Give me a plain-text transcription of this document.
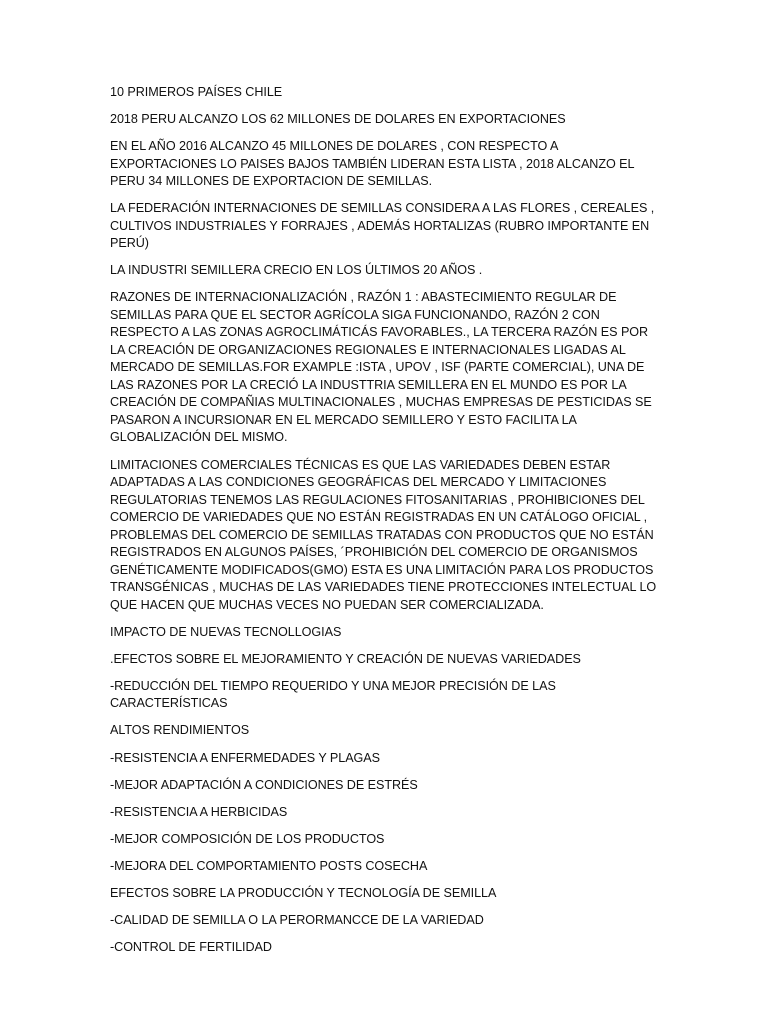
10 PRIMEROS PAÍSES CHILE

2018 PERU ALCANZO LOS 62 MILLONES DE DOLARES EN EXPORTACIONES

EN EL AÑO 2016 ALCANZO 45 MILLONES DE DOLARES , CON RESPECTO A EXPORTACIONES LO PAISES BAJOS TAMBIÉN LIDERAN ESTA LISTA , 2018 ALCANZO EL PERU 34 MILLONES DE EXPORTACION DE SEMILLAS.

LA FEDERACIÓN INTERNACIONES DE SEMILLAS CONSIDERA A LAS FLORES , CEREALES , CULTIVOS INDUSTRIALES Y FORRAJES , ADEMÁS HORTALIZAS (RUBRO IMPORTANTE EN PERÚ)

LA INDUSTRI SEMILLERA CRECIO EN LOS ÚLTIMOS 20 AÑOS .

RAZONES DE INTERNACIONALIZACIÓN , RAZÓN 1 : ABASTECIMIENTO REGULAR DE SEMILLAS PARA QUE EL SECTOR AGRÍCOLA SIGA FUNCIONANDO, RAZÓN 2 CON RESPECTO A LAS ZONAS AGROCLIMÁTICÁS FAVORABLES., LA TERCERA RAZÓN ES POR LA CREACIÓN DE ORGANIZACIONES REGIONALES E INTERNACIONALES LIGADAS AL MERCADO DE SEMILLAS.FOR EXAMPLE :ISTA , UPOV , ISF (PARTE COMERCIAL), UNA DE LAS RAZONES POR LA CRECIÓ LA INDUSTTRIA SEMILLERA EN EL MUNDO ES POR LA CREACIÓN DE COMPAÑIAS MULTINACIONALES , MUCHAS EMPRESAS DE PESTICIDAS SE PASARON A INCURSIONAR EN EL MERCADO SEMILLERO Y ESTO FACILITA LA GLOBALIZACIÓN DEL MISMO.

LIMITACIONES COMERCIALES TÉCNICAS ES QUE LAS VARIEDADES DEBEN ESTAR ADAPTADAS A LAS CONDICIONES GEOGRÁFICAS DEL MERCADO Y LIMITACIONES REGULATORIAS TENEMOS LAS REGULACIONES FITOSANITARIAS , PROHIBICIONES DEL COMERCIO DE VARIEDADES QUE NO ESTÁN REGISTRADAS EN UN CATÁLOGO OFICIAL , PROBLEMAS DEL COMERCIO DE SEMILLAS TRATADAS CON PRODUCTOS QUE NO ESTÁN REGISTRADOS EN ALGUNOS PAÍSES, ´PROHIBICIÓN DEL COMERCIO DE ORGANISMOS GENÉTICAMENTE MODIFICADOS(GMO) ESTA ES UNA LIMITACIÓN PARA LOS PRODUCTOS TRANSGÉNICAS , MUCHAS DE LAS VARIEDADES TIENE PROTECCIONES INTELECTUAL LO QUE HACEN QUE MUCHAS VECES NO PUEDAN SER COMERCIALIZADA.

IMPACTO DE NUEVAS TECNOLLOGIAS

.EFECTOS SOBRE EL MEJORAMIENTO Y CREACIÓN DE NUEVAS VARIEDADES

-REDUCCIÓN DEL TIEMPO REQUERIDO Y UNA MEJOR PRECISIÓN DE LAS CARACTERÍSTICAS

ALTOS RENDIMIENTOS

-RESISTENCIA A ENFERMEDADES Y PLAGAS

-MEJOR ADAPTACIÓN A CONDICIONES DE ESTRÉS

-RESISTENCIA A HERBICIDAS

-MEJOR COMPOSICIÓN DE LOS PRODUCTOS

-MEJORA DEL COMPORTAMIENTO POSTS COSECHA

EFECTOS SOBRE LA PRODUCCIÓN Y TECNOLOGÍA DE SEMILLA

-CALIDAD DE SEMILLA O LA PERORMANCCE DE LA VARIEDAD

-CONTROL DE FERTILIDAD
